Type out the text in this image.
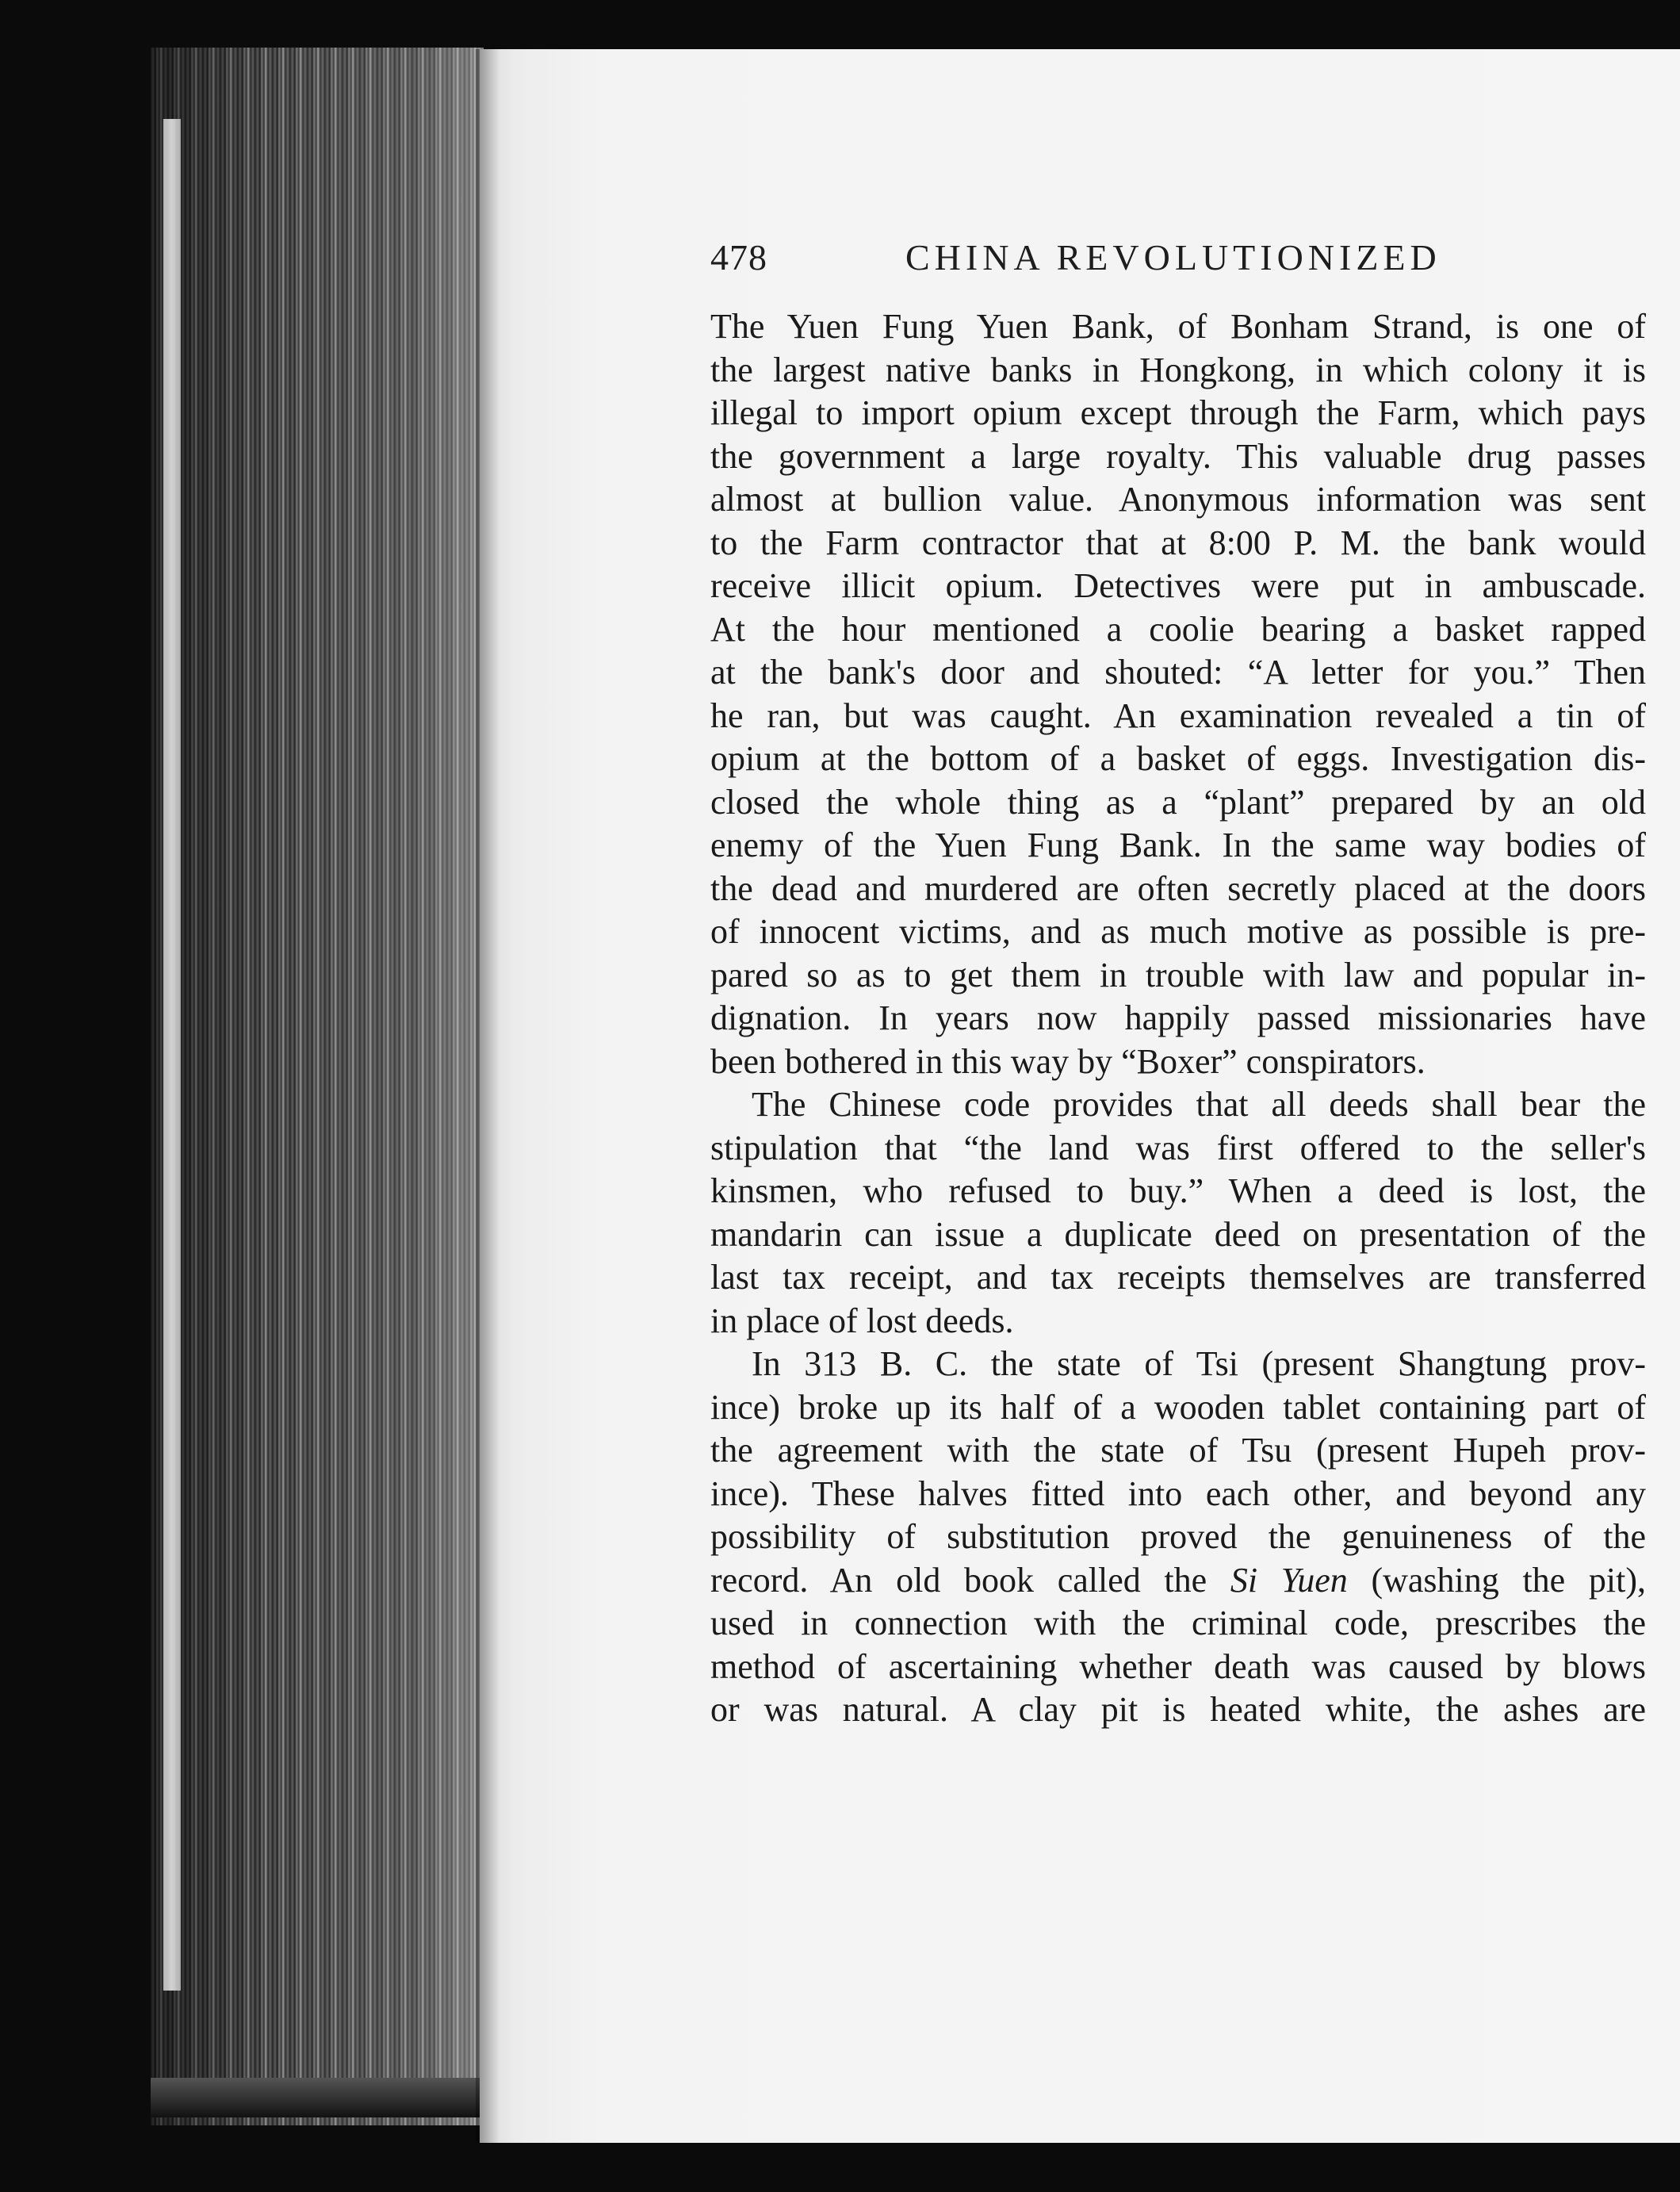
478	CHINA REVOLUTIONIZED
The Yuen Fung Yuen Bank, of Bonham Strand, is one of
the largest native banks in Hongkong, in which colony it is
illegal to import opium except through the Farm, which pays
the government a large royalty. This valuable drug passes
almost at bullion value. Anonymous information was sent
to the Farm contractor that at 8:00 P. M. the bank would
receive illicit opium. Detectives were put in ambuscade.
At the hour mentioned a coolie bearing a basket rapped
at the bank's door and shouted: “A letter for you.” Then
he ran, but was caught. An examination revealed a tin of
opium at the bottom of a basket of eggs. Investigation dis-
closed the whole thing as a “plant” prepared by an old
enemy of the Yuen Fung Bank. In the same way bodies of
the dead and murdered are often secretly placed at the doors
of innocent victims, and as much motive as possible is pre-
pared so as to get them in trouble with law and popular in-
dignation. In years now happily passed missionaries have
been bothered in this way by “Boxer” conspirators.
The Chinese code provides that all deeds shall bear the
stipulation that “the land was first offered to the seller's
kinsmen, who refused to buy.” When a deed is lost, the
mandarin can issue a duplicate deed on presentation of the
last tax receipt, and tax receipts themselves are transferred
in place of lost deeds.
In 313 B. C. the state of Tsi (present Shangtung prov-
ince) broke up its half of a wooden tablet containing part of
the agreement with the state of Tsu (present Hupeh prov-
ince). These halves fitted into each other, and beyond any
possibility of substitution proved the genuineness of the
record. An old book called the Si Yuen (washing the pit),
used in connection with the criminal code, prescribes the
method of ascertaining whether death was caused by blows
or was natural. A clay pit is heated white, the ashes are
